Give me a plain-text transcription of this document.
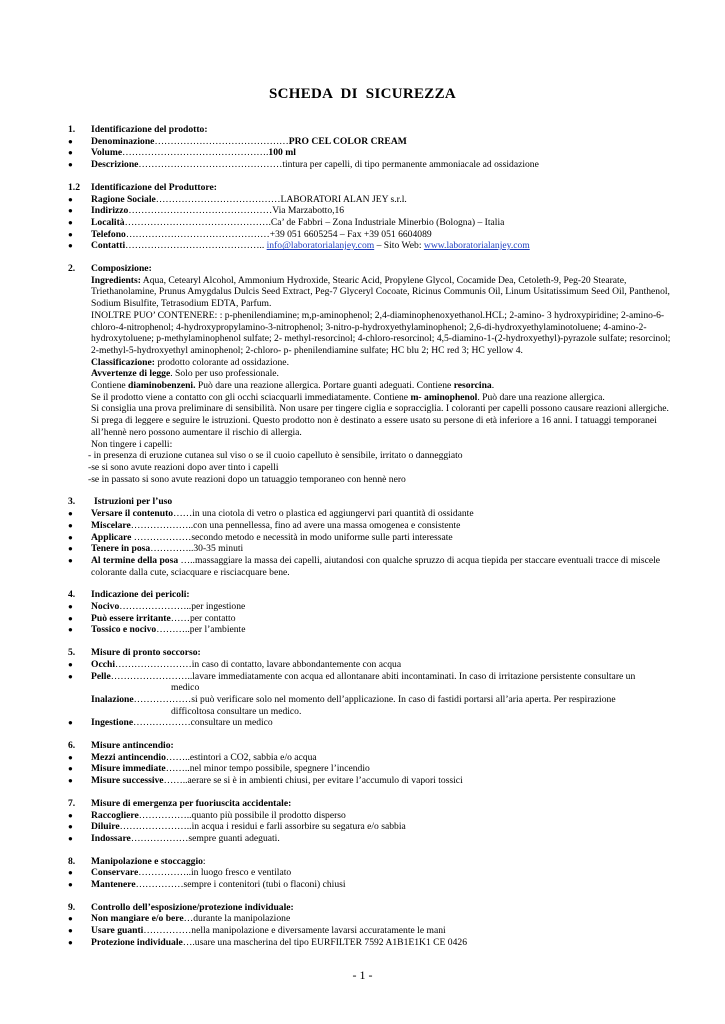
SCHEDA DI SICUREZZA
1.	Identificazione del prodotto:
●	Denominazione……………………………………PRO CEL COLOR CREAM
●	Volume……………………………………….100 ml
●	Descrizione………………………………………tintura per capelli, di tipo permanente ammoniacale ad ossidazione
1.2	Identificazione del Produttore:
●	Ragione Sociale…………………………………LABORATORI ALAN JEY s.r.l.
●	Indirizzo………………………………………Via Marzabotto,16
●	Località……………………………………….Ca’ de Fabbri – Zona Industriale Minerbio (Bologna) – Italia
●	Telefono………………………………………+39 051 6605254 – Fax +39 051 6604089
●	Contatti…………………………………….. info@laboratorialanjey.com – Sito Web: www.laboratorialanjey.com
2.	Composizione:
Ingredients: Aqua, Cetearyl Alcohol, Ammonium Hydroxide, Stearic Acid, Propylene Glycol, Cocamide Dea, Cetoleth-9, Peg-20 Stearate, Triethanolamine, Prunus Amygdalus Dulcis Seed Extract, Peg-7 Glyceryl Cocoate, Ricinus Communis Oil, Linum Usitatissimum Seed Oil, Panthenol, Sodium Bisulfite, Tetrasodium EDTA, Parfum.
INOLTRE PUO’ CONTENERE: : p-phenilendiamine; m,p-aminophenol; 2,4-diaminophenoxyethanol.HCL; 2-amino- 3 hydroxypiridine; 2-amino-6-chloro-4-nitrophenol; 4-hydroxypropylamino-3-nitrophenol; 3-nitro-p-hydroxyethylaminophenol; 2,6-di-hydroxyethylaminotoluene; 4-amino-2-hydroxytoluene; p-methylaminophenol sulfate; 2- methyl-resorcinol; 4-chloro-resorcinol; 4,5-diamino-1-(2-hydroxyethyl)-pyrazole sulfate; resorcinol; 2-methyl-5-hydroxyethyl aminophenol; 2-chloro- p- phenilendiamine sulfate; HC blu 2; HC red 3; HC yellow 4.
Classificazione: prodotto colorante ad ossidazione.
Avvertenze di legge. Solo per uso professionale.
Contiene diaminobenzeni. Può dare una reazione allergica. Portare guanti adeguati. Contiene resorcina.
Se il prodotto viene a contatto con gli occhi sciacquarli immediatamente. Contiene m- aminophenol. Può dare una reazione allergica.
Si consiglia una prova preliminare di sensibilità. Non usare per tingere ciglia e sopracciglia. I coloranti per capelli possono causare reazioni allergiche. Si prega di leggere e seguire le istruzioni. Questo prodotto non è destinato a essere usato su persone di età inferiore a 16 anni. I tatuaggi temporanei all’hennè nero possono aumentare il rischio di allergia.
Non tingere i capelli:
- in presenza di eruzione cutanea sul viso o se il cuoio capelluto è sensibile, irritato o danneggiato
-se si sono avute reazioni dopo aver tinto i capelli
-se in passato si sono avute reazioni dopo un tatuaggio temporaneo con hennè nero
3.	Istruzioni per l’uso
●	Versare il contenuto……in una ciotola di vetro o plastica ed aggiungervi pari quantità di ossidante
●	Miscelare………………..con una pennellessa, fino ad avere una massa omogenea e consistente
●	Applicare ………………secondo metodo e necessità in modo uniforme sulle parti interessate
●	Tenere in posa…………..30-35 minuti
●	Al termine della posa …..massaggiare la massa dei capelli, aiutandosi con qualche spruzzo di acqua tiepida per staccare eventuali tracce di miscele colorante dalla cute, sciacquare e risciacquare bene.
4.	Indicazione dei pericoli:
●	Nocivo…………………..per ingestione
●	Può essere irritante……per contatto
●	Tossico e nocivo………..per l’ambiente
5.	Misure di pronto soccorso:
●	Occhi……………………in caso di contatto, lavare abbondantemente con acqua
●	Pelle……………………..lavare immediatamente con acqua ed allontanare abiti incontaminati. In caso di irritazione persistente consultare un
medico
Inalazione………………si può verificare solo nel momento dell’applicazione. In caso di fastidi portarsi all’aria aperta. Per respirazione
difficoltosa consultare un medico.
●	Ingestione………………consultare un medico
6.	Misure antincendio:
●	Mezzi antincendio……..estintori a CO2, sabbia e/o acqua
●	Misure immediate……..nel minor tempo possibile, spegnere l’incendio
●	Misure successive……..aerare se si è in ambienti chiusi, per evitare l’accumulo di vapori tossici
7.	Misure di emergenza per fuoriuscita accidentale:
●	Raccogliere……………..quanto più possibile il prodotto disperso
●	Diluire…………………..in acqua i residui e farli assorbire su segatura e/o sabbia
●	Indossare………………sempre guanti adeguati.
8.	Manipolazione e stoccaggio:
●	Conservare……………..in luogo fresco e ventilato
●	Mantenere……………sempre i contenitori (tubi o flaconi) chiusi
9.	Controllo dell’esposizione/protezione individuale:
●	Non mangiare e/o bere…durante la manipolazione
●	Usare guanti……………nella manipolazione e diversamente lavarsi accuratamente le mani
●	Protezione individuale….usare una mascherina del tipo EURFILTER 7592 A1B1E1K1 CE 0426
- 1 -
